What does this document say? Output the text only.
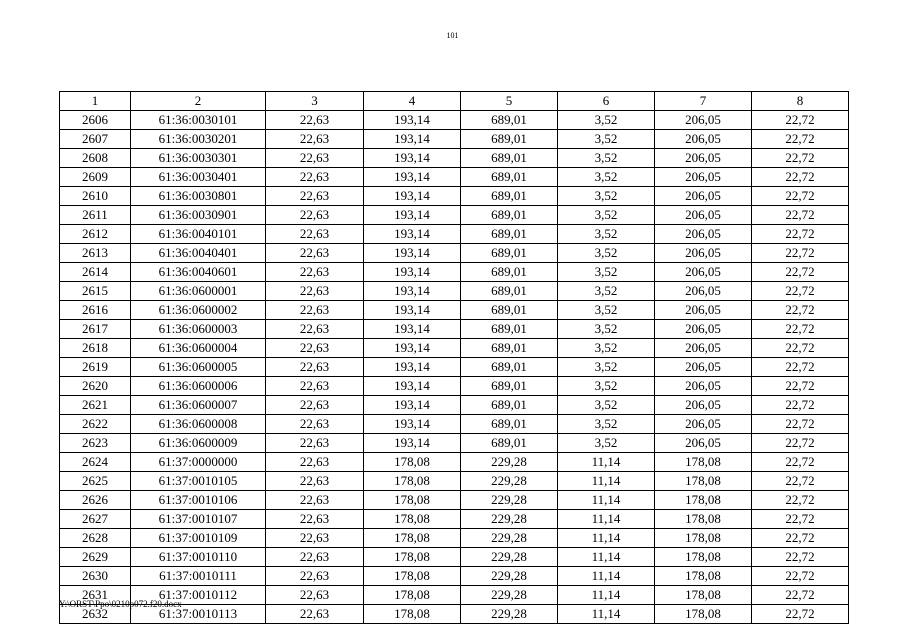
101
1	2	3	4	5	6	7	8
2606	61:36:0030101	22,63	193,14	689,01	3,52	206,05	22,72
2607	61:36:0030201	22,63	193,14	689,01	3,52	206,05	22,72
2608	61:36:0030301	22,63	193,14	689,01	3,52	206,05	22,72
2609	61:36:0030401	22,63	193,14	689,01	3,52	206,05	22,72
2610	61:36:0030801	22,63	193,14	689,01	3,52	206,05	22,72
2611	61:36:0030901	22,63	193,14	689,01	3,52	206,05	22,72
2612	61:36:0040101	22,63	193,14	689,01	3,52	206,05	22,72
2613	61:36:0040401	22,63	193,14	689,01	3,52	206,05	22,72
2614	61:36:0040601	22,63	193,14	689,01	3,52	206,05	22,72
2615	61:36:0600001	22,63	193,14	689,01	3,52	206,05	22,72
2616	61:36:0600002	22,63	193,14	689,01	3,52	206,05	22,72
2617	61:36:0600003	22,63	193,14	689,01	3,52	206,05	22,72
2618	61:36:0600004	22,63	193,14	689,01	3,52	206,05	22,72
2619	61:36:0600005	22,63	193,14	689,01	3,52	206,05	22,72
2620	61:36:0600006	22,63	193,14	689,01	3,52	206,05	22,72
2621	61:36:0600007	22,63	193,14	689,01	3,52	206,05	22,72
2622	61:36:0600008	22,63	193,14	689,01	3,52	206,05	22,72
2623	61:36:0600009	22,63	193,14	689,01	3,52	206,05	22,72
2624	61:37:0000000	22,63	178,08	229,28	11,14	178,08	22,72
2625	61:37:0010105	22,63	178,08	229,28	11,14	178,08	22,72
2626	61:37:0010106	22,63	178,08	229,28	11,14	178,08	22,72
2627	61:37:0010107	22,63	178,08	229,28	11,14	178,08	22,72
2628	61:37:0010109	22,63	178,08	229,28	11,14	178,08	22,72
2629	61:37:0010110	22,63	178,08	229,28	11,14	178,08	22,72
2630	61:37:0010111	22,63	178,08	229,28	11,14	178,08	22,72
2631	61:37:0010112	22,63	178,08	229,28	11,14	178,08	22,72
2632	61:37:0010113	22,63	178,08	229,28	11,14	178,08	22,72
Y:\ORST\Ppo\0210p072.f20.docx
